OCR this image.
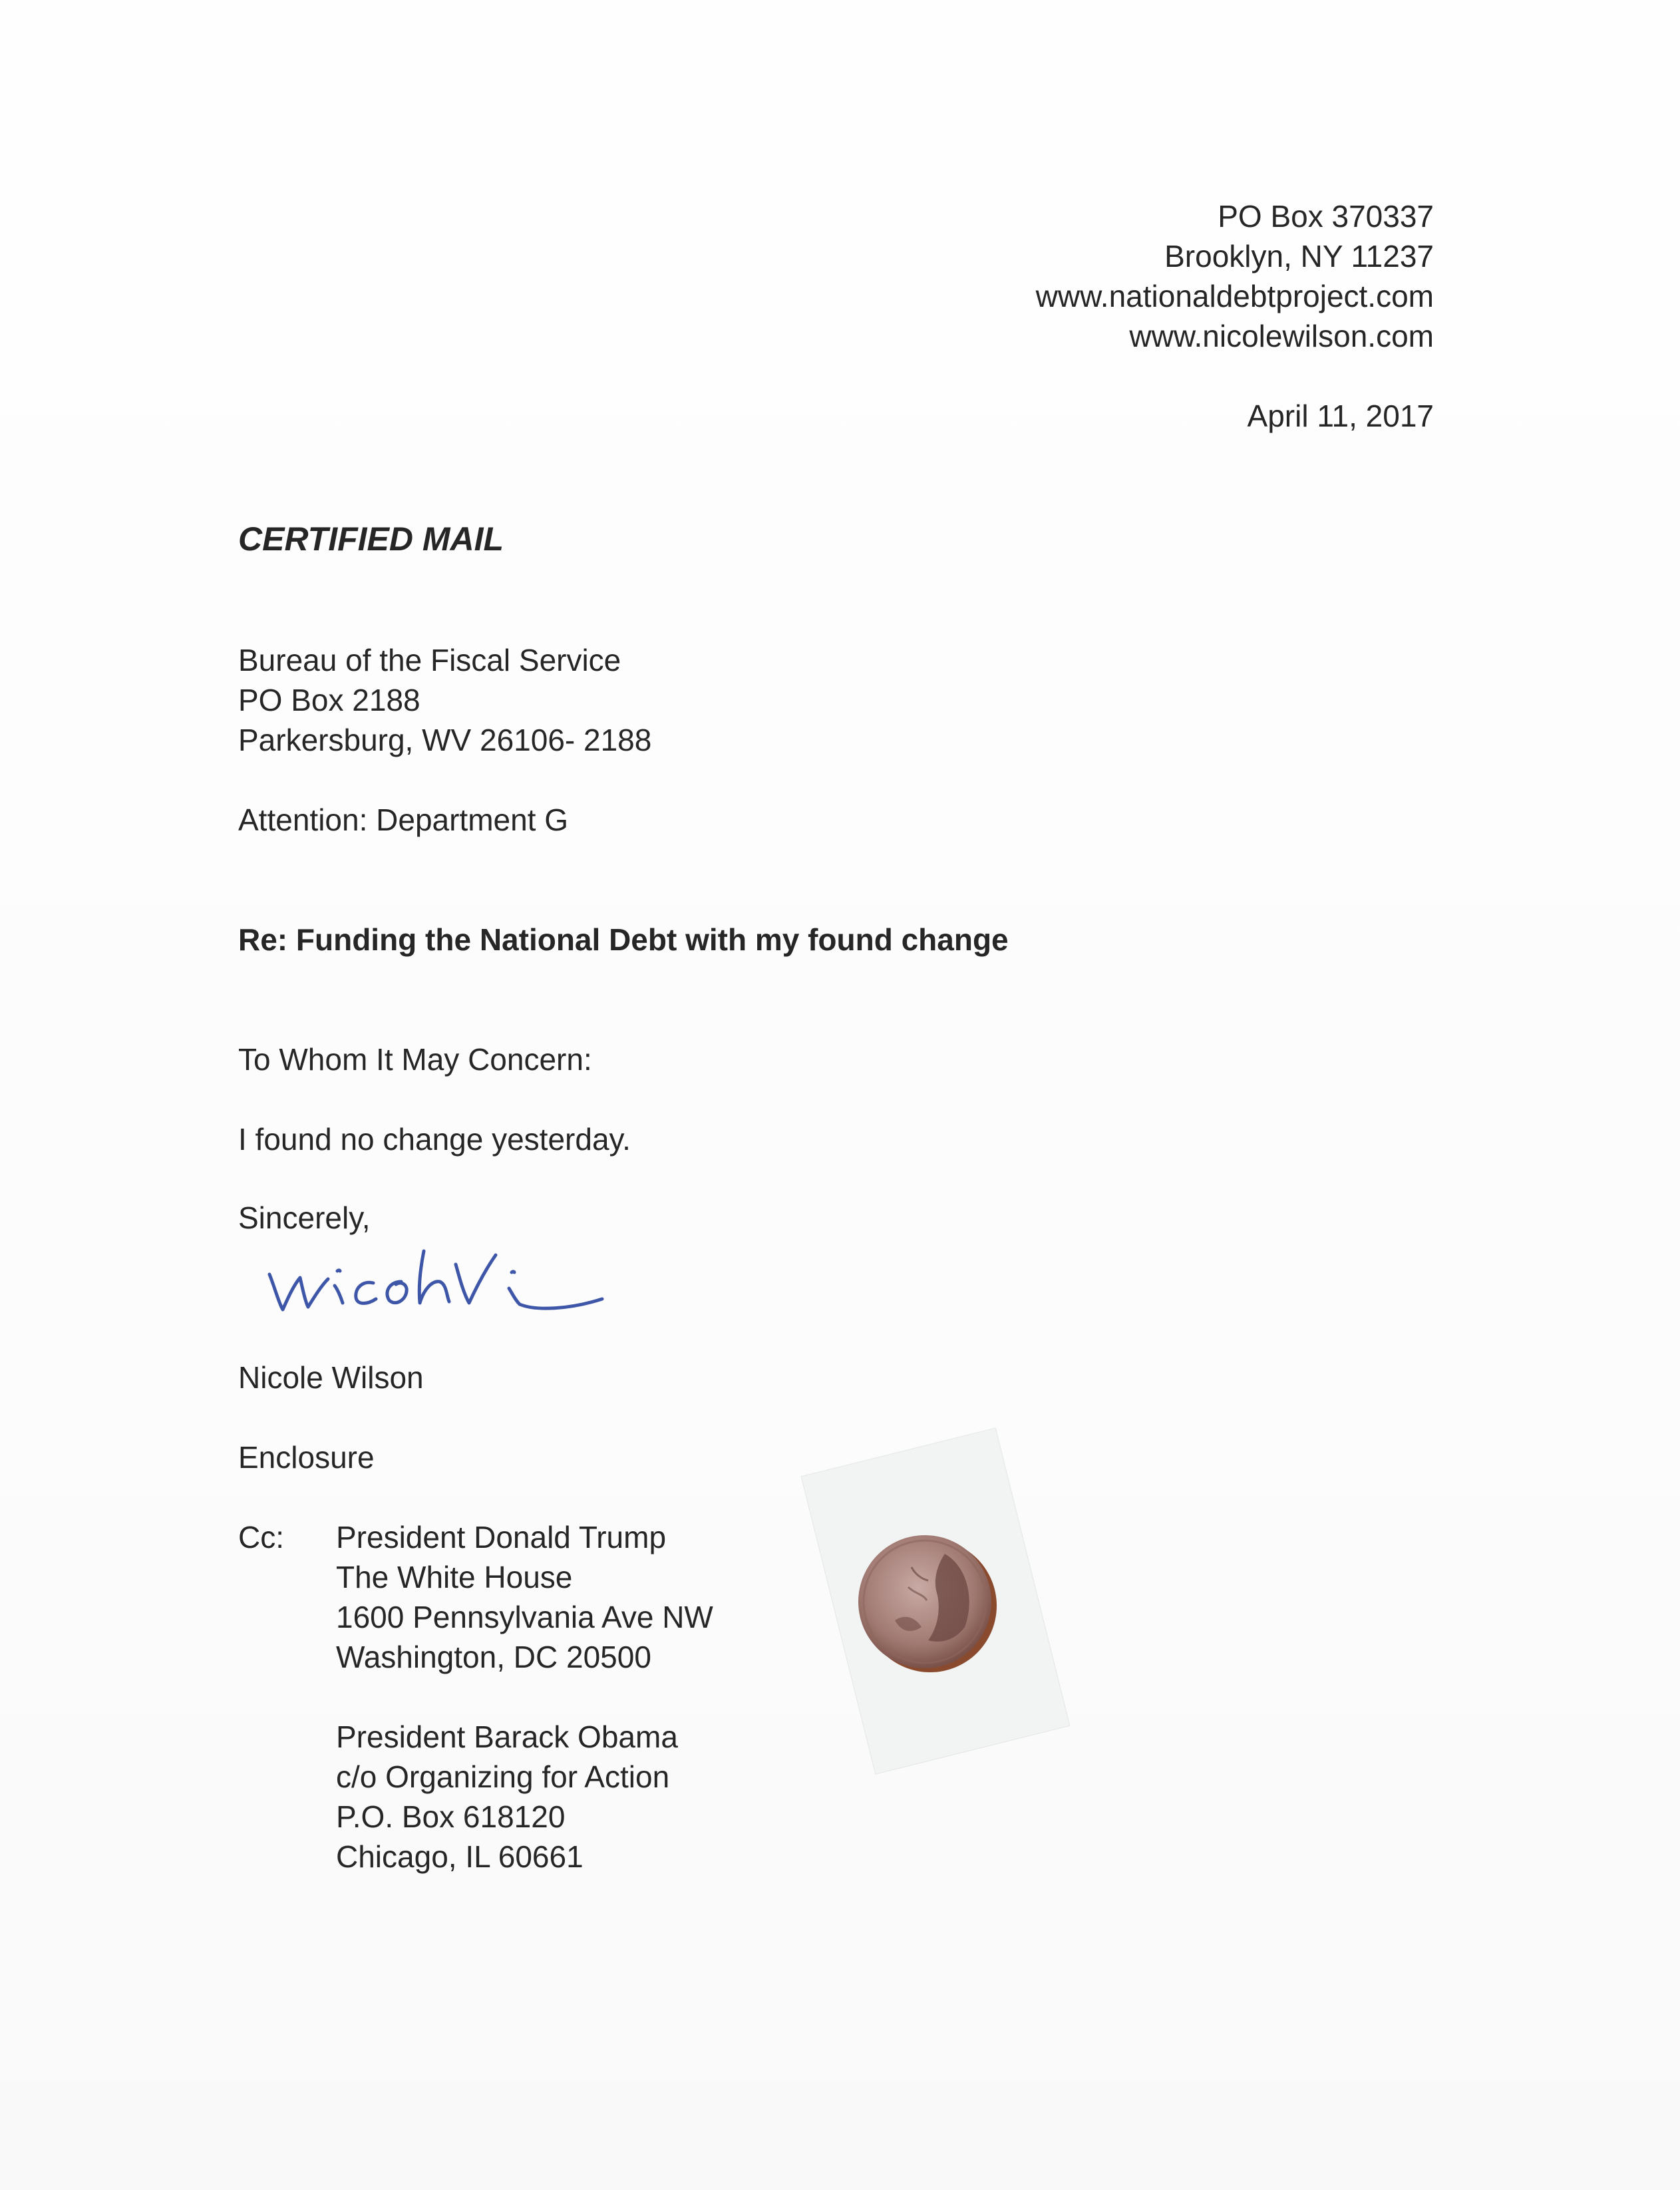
PO Box 370337
Brooklyn, NY 11237
www.nationaldebtproject.com
www.nicolewilson.com
April 11, 2017
CERTIFIED MAIL
Bureau of the Fiscal Service
PO Box 2188
Parkersburg, WV 26106- 2188
Attention: Department G
Re: Funding the National Debt with my found change
To Whom It May Concern:
I found no change yesterday.
Sincerely,
Nicole Wilson
Enclosure
Cc: President Donald Trump
The White House
1600 Pennsylvania Ave NW
Washington, DC 20500
President Barack Obama
c/o Organizing for Action
P.O. Box 618120
Chicago, IL 60661
